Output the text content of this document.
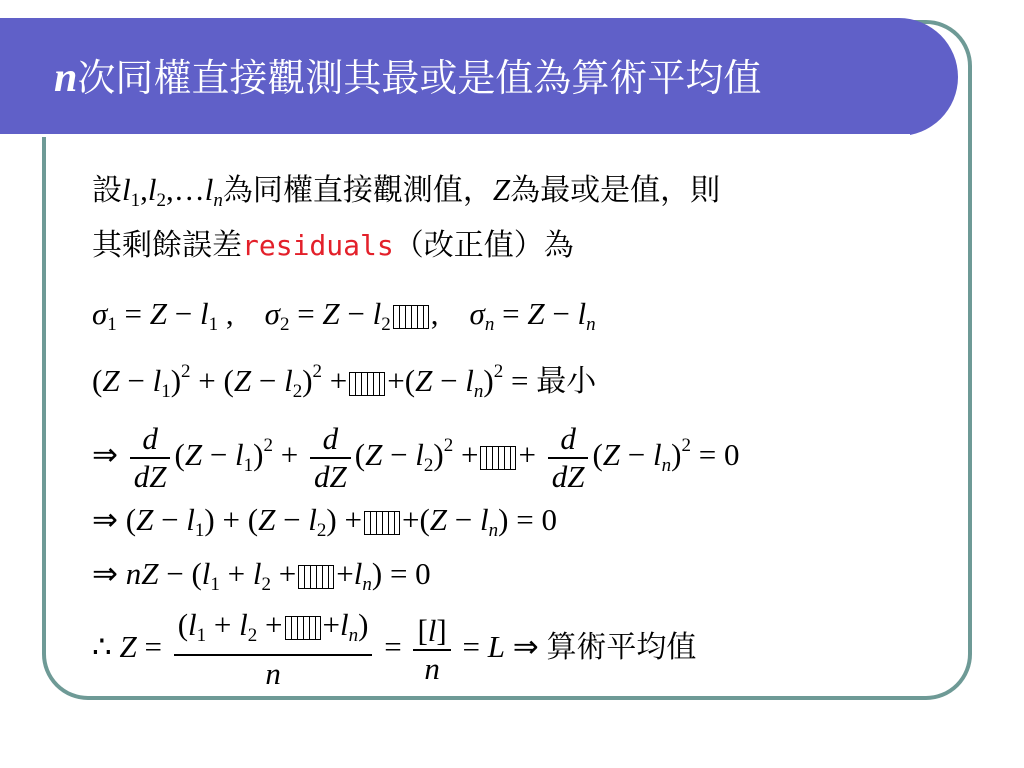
n次同權直接觀測其最或是值為算術平均值
設$l_1,l_2,\dots\ln$為同權直接觀測值，Z為最或是值，則
其剩餘誤差residuals（改正值）為
$\sigma_1 = Z - l_1$ ,    $\sigma_2 = Z - l_2$ ,    σn = Z − ln
$(Z - l_1)^2 + (Z - l_2)^2 + +(Z - \ln)^2$ = 最小
⇒ $\frac{d}{dZ} (Z - l_1)^2 + \frac{d}{dZ} (Z - l_2)^2$ + + $\frac{d}{dZ} (Z - \ln)^2 = 0$
⇒ $(Z - l_1) + (Z - l_2) + +(Z - \ln) = 0$
⇒ nZ − $(l_1 + l_2 + +\ln) = 0$
∴ $Z = \frac{(l_1 + l_2 + +\ln)}{n} = \frac{[l]}{n} = L$ ⇒ 算術平均值
